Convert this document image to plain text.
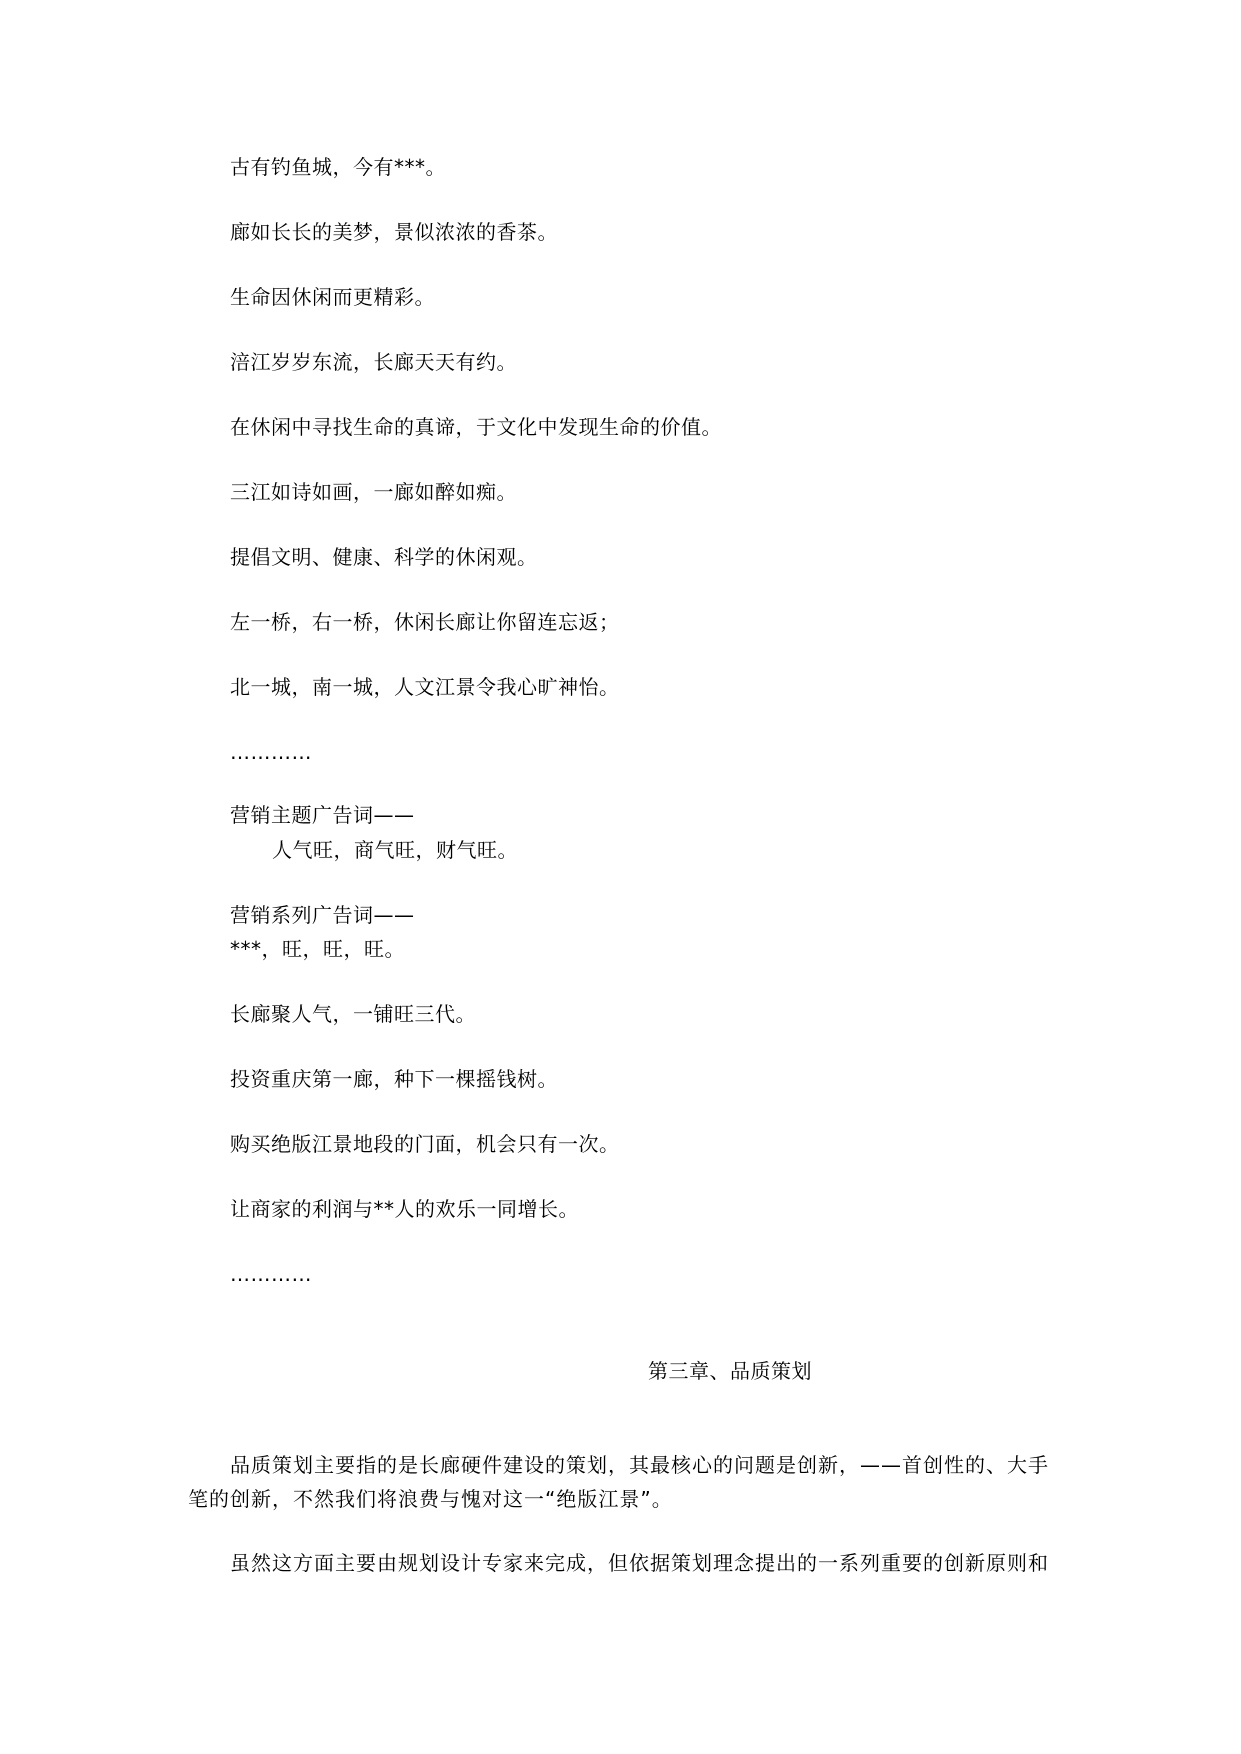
古有钓鱼城，今有***。
廊如长长的美梦，景似浓浓的香茶。
生命因休闲而更精彩。
涪江岁岁东流，长廊天天有约。
在休闲中寻找生命的真谛，于文化中发现生命的价值。
三江如诗如画，一廊如醉如痴。
提倡文明、健康、科学的休闲观。
左一桥，右一桥，休闲长廊让你留连忘返；
北一城，南一城，人文江景令我心旷神怡。
…………
营销主题广告词——
人气旺，商气旺，财气旺。
营销系列广告词——
***，旺，旺，旺。
长廊聚人气，一铺旺三代。
投资重庆第一廊，种下一棵摇钱树。
购买绝版江景地段的门面，机会只有一次。
让商家的利润与**人的欢乐一同增长。
…………
第三章、品质策划
品质策划主要指的是长廊硬件建设的策划，其最核心的问题是创新，——首创性的、大手笔的创新，不然我们将浪费与愧对这一“绝版江景”。
虽然这方面主要由规划设计专家来完成，但依据策划理念提出的一系列重要的创新原则和
